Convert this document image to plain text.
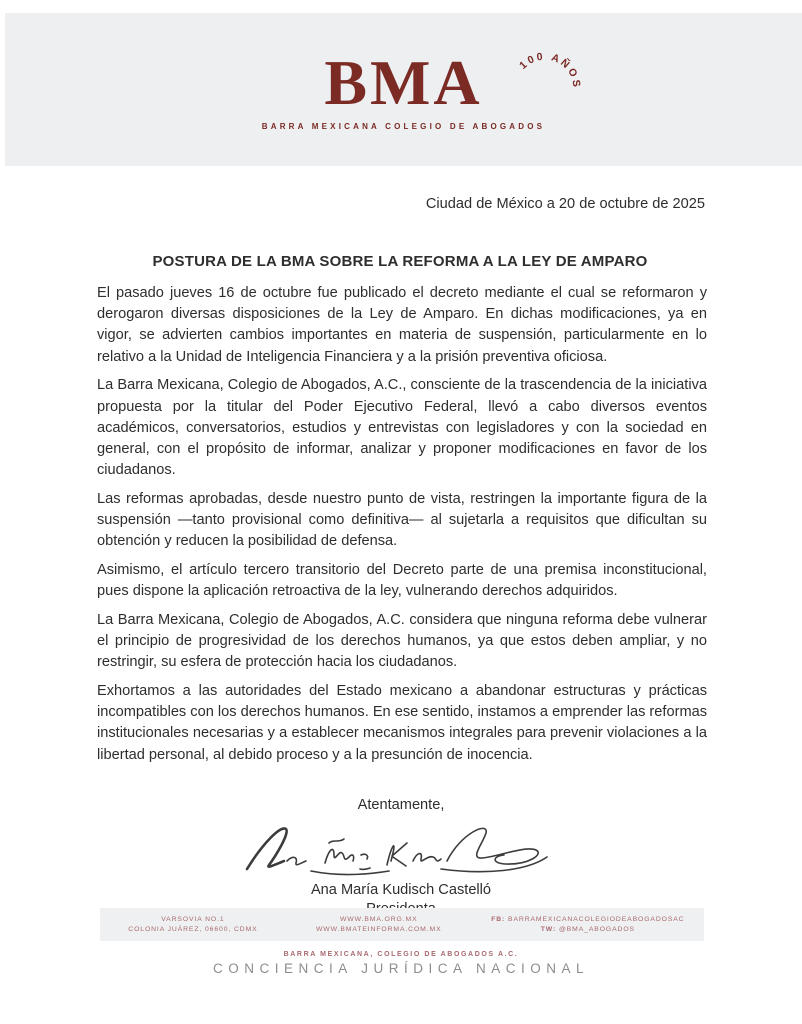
BMA	100 AÑOS
BARRA MEXICANA COLEGIO DE ABOGADOS
Ciudad de México a 20 de octubre de 2025
POSTURA DE LA BMA SOBRE LA REFORMA A LA LEY DE AMPARO

El pasado jueves 16 de octubre fue publicado el decreto mediante el cual se reformaron y derogaron diversas disposiciones de la Ley de Amparo. En dichas modificaciones, ya en vigor, se advierten cambios importantes en materia de suspensión, particularmente en lo relativo a la Unidad de Inteligencia Financiera y a la prisión preventiva oficiosa.

La Barra Mexicana, Colegio de Abogados, A.C., consciente de la trascendencia de la iniciativa propuesta por la titular del Poder Ejecutivo Federal, llevó a cabo diversos eventos académicos, conversatorios, estudios y entrevistas con legisladores y con la sociedad en general, con el propósito de informar, analizar y proponer modificaciones en favor de los ciudadanos.

Las reformas aprobadas, desde nuestro punto de vista, restringen la importante figura de la suspensión —tanto provisional como definitiva— al sujetarla a requisitos que dificultan su obtención y reducen la posibilidad de defensa.

Asimismo, el artículo tercero transitorio del Decreto parte de una premisa inconstitucional, pues dispone la aplicación retroactiva de la ley, vulnerando derechos adquiridos.

La Barra Mexicana, Colegio de Abogados, A.C. considera que ninguna reforma debe vulnerar el principio de progresividad de los derechos humanos, ya que estos deben ampliar, y no restringir, su esfera de protección hacia los ciudadanos.

Exhortamos a las autoridades del Estado mexicano a abandonar estructuras y prácticas incompatibles con los derechos humanos. En ese sentido, instamos a emprender las reformas institucionales necesarias y a establecer mecanismos integrales para prevenir violaciones a la libertad personal, al debido proceso y a la presunción de inocencia.

Atentamente,
Ana María Kudisch Castelló
VARSOVIA NO.1
COLONIA JUÁREZ, 06600, CDMX
WWW.BMA.ORG.MX
WWW.BMATEINFORMA.COM.MX
FB: BARRAMEXICANACOLEGIODEABOGADOSAC
TW: @BMA_ABOGADOS
BARRA MEXICANA, COLEGIO DE ABOGADOS A.C.
CONCIENCIA JURÍDICA NACIONAL
